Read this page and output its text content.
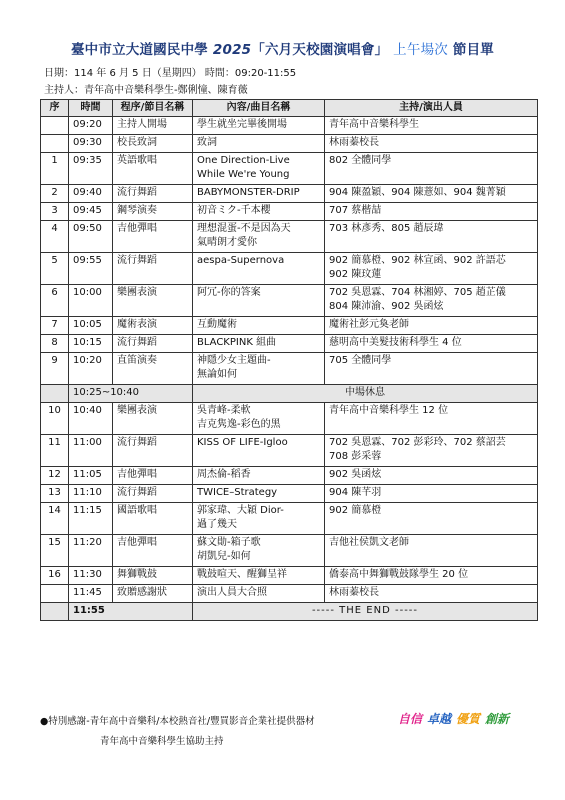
臺中市立大道國民中學 2025「六月天校園演唱會」 上午場次 節目單
日期：114 年 6 月 5 日（星期四） 時間：09:20-11:55
主持人：青年高中音樂科學生-鄭俐憧、陳育薇
序	時間	程序/節目名稱	內容/曲目名稱	主持/演出人員
	09:20	主持人開場	學生就坐完畢後開場	青年高中音樂科學生

	09:30	校長致詞	致詞	林雨蓁校長

1	09:35	英語歌唱	One Direction-Live
While We're Young	802 全體同學

2	09:40	流行舞蹈	BABYMONSTER-DRIP	904 陳盈穎、904 陳薏如、904 魏菁穎

3	09:45	鋼琴演奏	初音ミク-千本櫻	707 蔡楷喆

4	09:50	吉他彈唱	理想混蛋-不是因為天
氣晴朗才愛你	703 林彥秀、805 趙辰瑋

5	09:55	流行舞蹈	aespa-Supernova	902 簡慕橙、902 林宣函、902 許語芯
902 陳玟蓮

6	10:00	樂團表演	阿冗-你的答案	702 吳恩霖、704 林湘婷、705 趙芷儀
804 陳沛渝、902 吳函炫

7	10:05	魔術表演	互動魔術	魔術社彭元奐老師

8	10:15	流行舞蹈	BLACKPINK 組曲	慈明高中美髮技術科學生 4 位

9	10:20	直笛演奏	神隱少女主題曲-
無論如何	705 全體同學

	10:25~10:40		中場休息	
10	10:40	樂團表演	吳青峰-柔軟
吉克隽逸-彩色的黑	青年高中音樂科學生 12 位

11	11:00	流行舞蹈	KISS OF LIFE-Igloo	702 吳恩霖、702 彭彩玲、702 蔡詔芸
708 彭采蓉

12	11:05	吉他彈唱	周杰倫-稻香	902 吳函炫

13	11:10	流行舞蹈	TWICE–Strategy	904 陳芊羽

14	11:15	國語歌唱	郭家瑋、大穎 Dior-
過了幾天	902 簡慕橙

15	11:20	吉他彈唱	蘇文勛-箱子歌
胡凱兒-如何	吉他社侯凱文老師

16	11:30	舞獅戰鼓	戰鼓喧天、醒獅呈祥	僑泰高中舞獅戰鼓隊學生 20 位

	11:45	致贈感謝狀	演出人員大合照	林雨蓁校長

	11:55		----- THE END -----	
●特別感謝-青年高中音樂科/本校熱音社/豐買影音企業社提供器材
青年高中音樂科學生協助主持
自信 卓越 優質 創新
